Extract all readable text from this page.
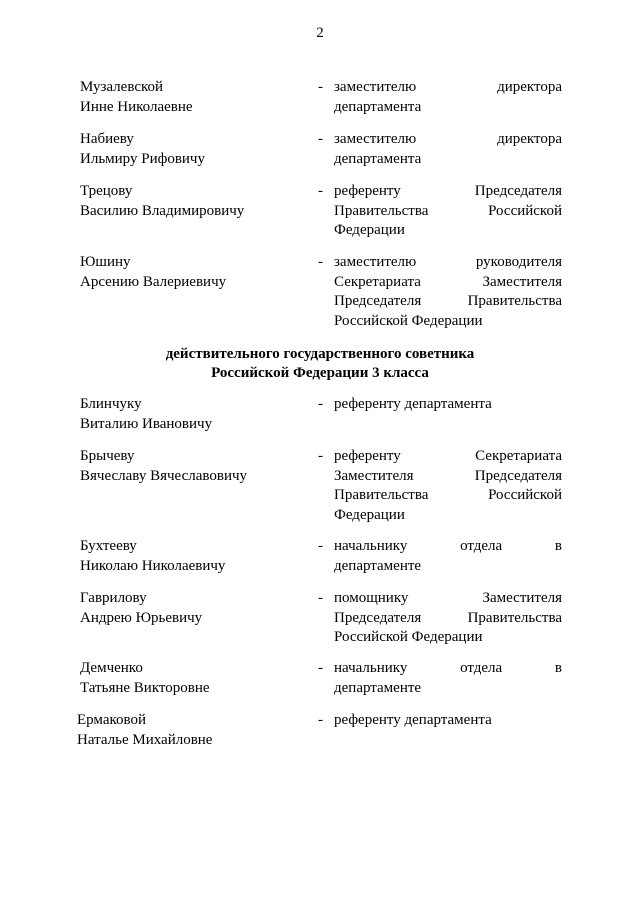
2
Музалевской
Инне Николаевне
- заместителю директора
департамента
Набиеву
Ильмиру Рифовичу
- заместителю директора
департамента
Трецову
Василию Владимировичу
- референту Председателя
Правительства Российской
Федерации
Юшину
Арсению Валериевичу
- заместителю руководителя
Секретариата Заместителя
Председателя Правительства
Российской Федерации
действительного государственного советника
Российской Федерации 3 класса
Блинчуку
Виталию Ивановичу
- референту департамента
Брычеву
Вячеславу Вячеславовичу
- референту Секретариата
Заместителя Председателя
Правительства Российской
Федерации
Бухтееву
Николаю Николаевичу
- начальнику отдела в
департаменте
Гаврилову
Андрею Юрьевичу
- помощнику Заместителя
Председателя Правительства
Российской Федерации
Демченко
Татьяне Викторовне
- начальнику отдела в
департаменте
Ермаковой
Наталье Михайловне
- референту департамента
